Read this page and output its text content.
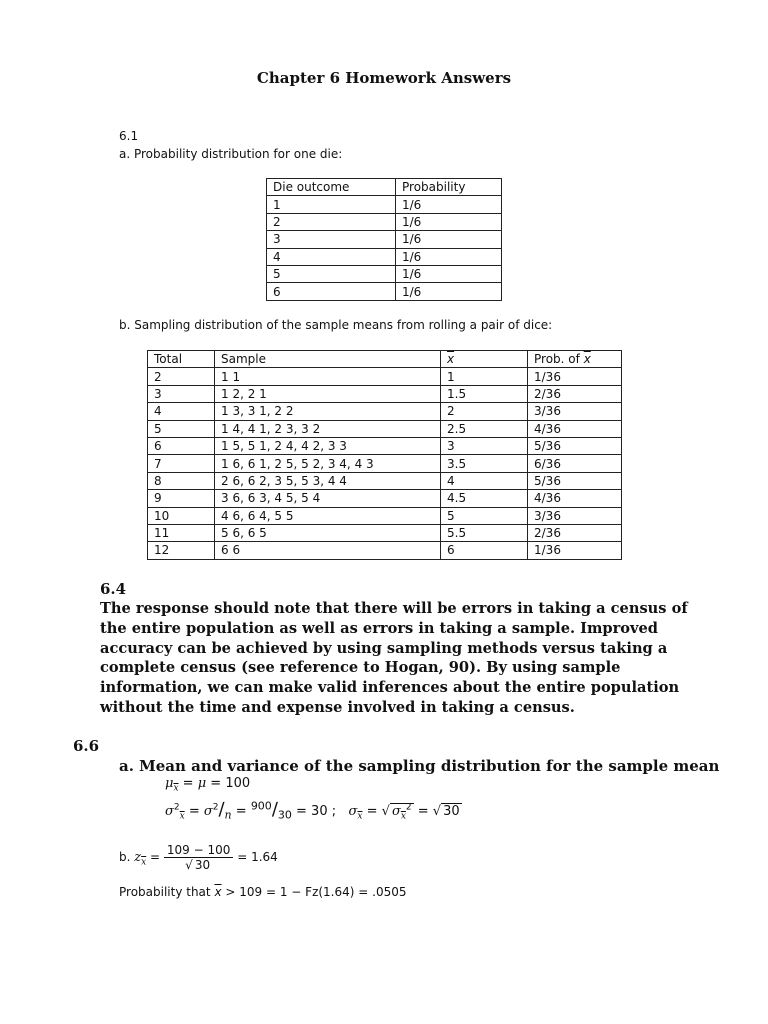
Chapter 6 Homework Answers
6.1
a. Probability distribution for one die:
Die outcome	Probability
1	1/6
2	1/6
3	1/6
4	1/6
5	1/6
6	1/6
b. Sampling distribution of the sample means from rolling a pair of dice:
Total	Sample	$\overline{x}$	Prob. of $\overline{x}$
2	1 1	1	1/36
3	1 2, 2 1	1.5	2/36
4	1 3, 3 1, 2 2	2	3/36
5	1 4, 4 1, 2 3, 3 2	2.5	4/36
6	1 5, 5 1, 2 4, 4 2, 3 3	3	5/36
7	1 6, 6 1, 2 5, 5 2, 3 4, 4 3	3.5	6/36
8	2 6, 6 2, 3 5, 5 3, 4 4	4	5/36
9	3 6, 6 3, 4 5, 5 4	4.5	4/36
10	4 6, 6 4, 5 5	5	3/36
11	5 6, 6 5	5.5	2/36
12	6 6	6	1/36
6.4
The response should note that there will be errors in taking a census of the entire population as well as errors in taking a sample. Improved accuracy can be achieved by using sampling methods versus taking a complete census (see reference to Hogan, 90). By using sample information, we can make valid inferences about the entire population without the time and expense involved in taking a census.
6.6
a. Mean and variance of the sampling distribution for the sample mean
$\mu_{\overline{x}} = \mu = 100$
$\sigma^2_{\overline{x}}$ = $\sigma^2∕_n$ = $^{900}∕_{30} = 30$ ; $\sigma_{\overline{x}}$ = √ $\sigma_{\overline{x}}^2$ = √ 30
b. $z_{\overline{x}} = \frac{109 - 100}{√ 30} = 1.64$
Probability that $\overline{x} > 109 = 1 - Fz(1.64) = .0505$
